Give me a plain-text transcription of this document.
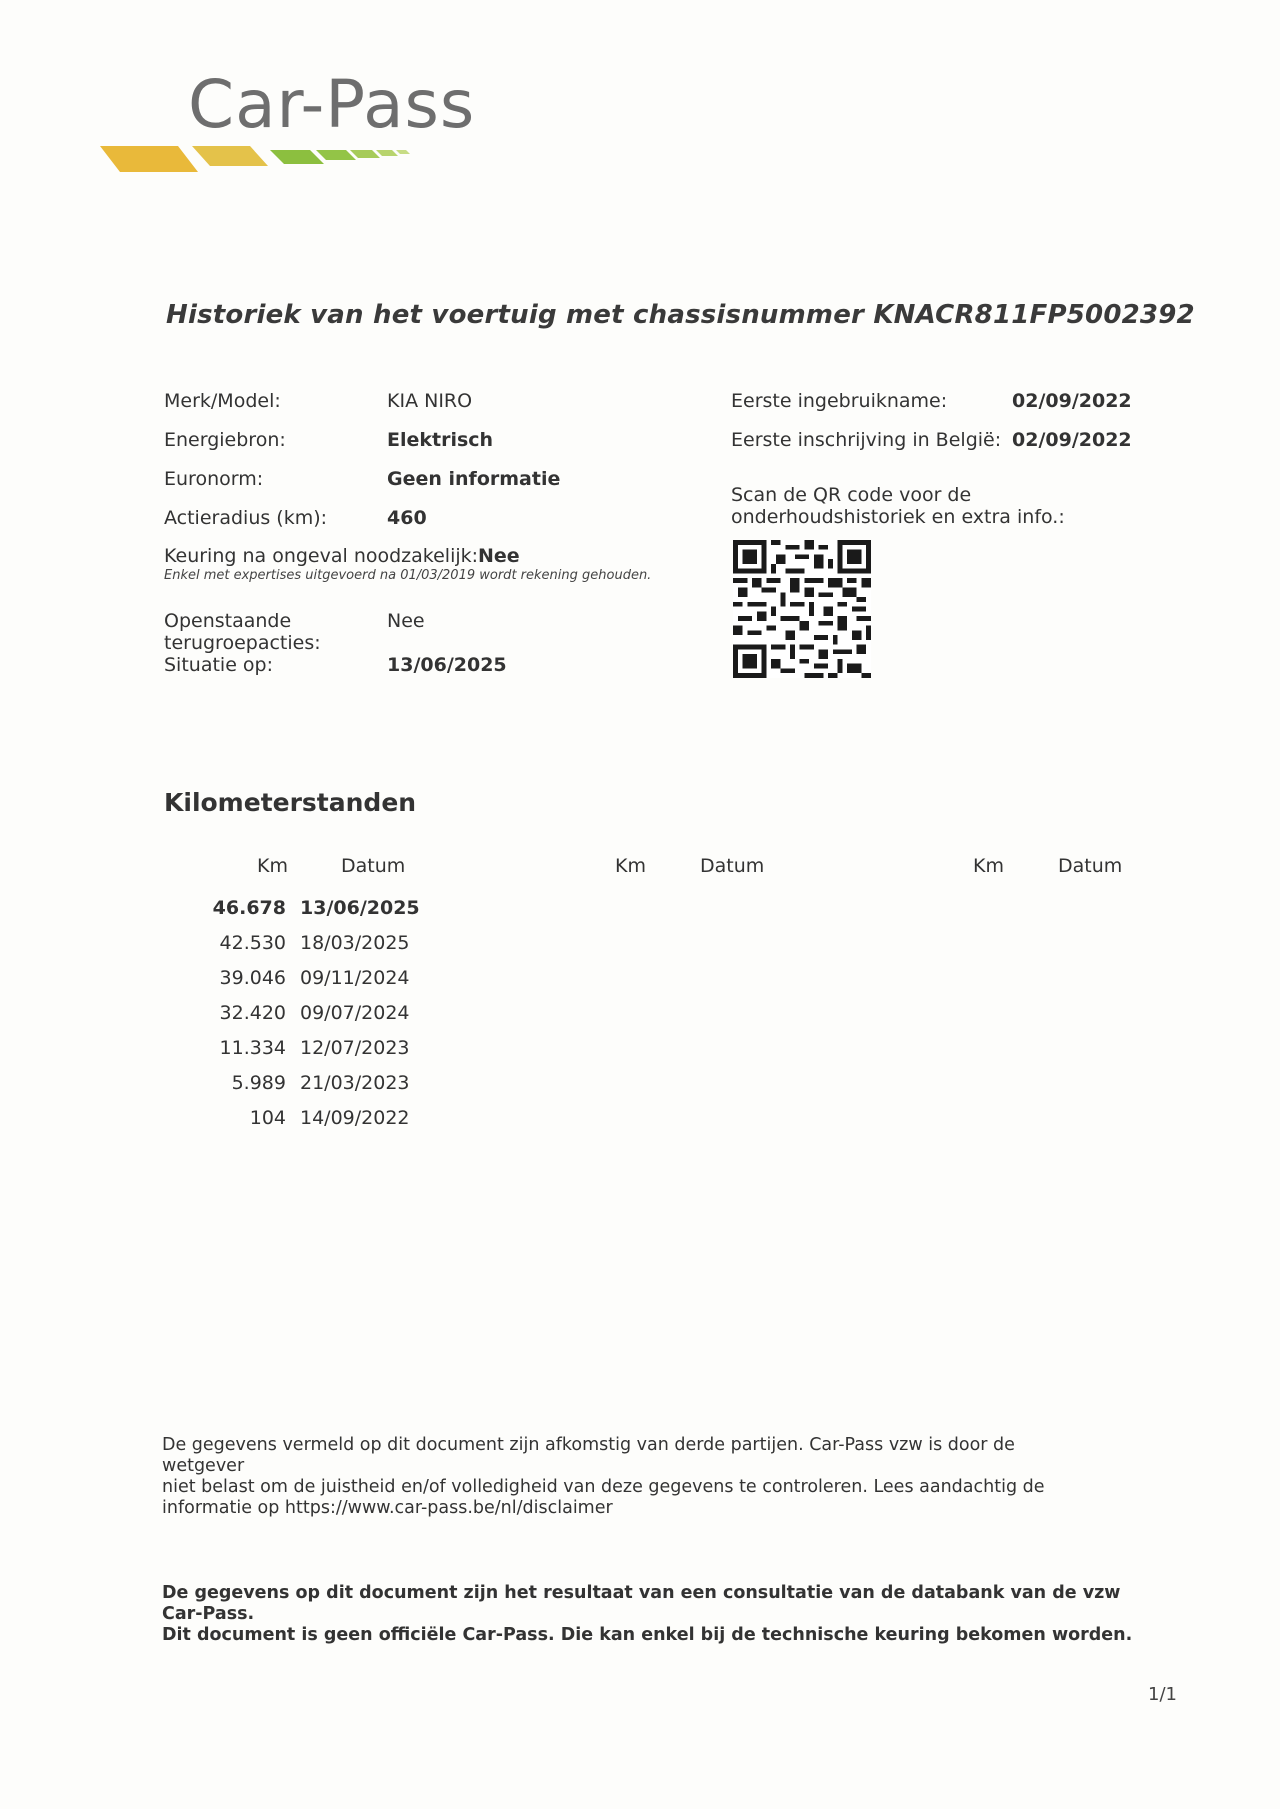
Car-Pass
Historiek van het voertuig met chassisnummer KNACR811FP5002392
Merk/Model:	KIA NIRO
Energiebron:	Elektrisch
Euronorm:	Geen informatie
Actieradius (km):	460
Keuring na ongeval noodzakelijk: Nee
Enkel met expertises uitgevoerd na 01/03/2019 wordt rekening gehouden.
Openstaande
terugroepacties:
Nee
Situatie op:	13/06/2025
Eerste ingebruikname:	02/09/2022
Eerste inschrijving in België: 02/09/2022
Scan de QR code voor de
onderhoudshistoriek en extra info.:
Kilometerstanden
Km	Datum	Km	Datum	Km	Datum
46.678 13/06/2025
42.530 18/03/2025
39.046 09/11/2024
32.420 09/07/2024
11.334 12/07/2023
5.989 21/03/2023
104 14/09/2022
De gegevens vermeld op dit document zijn afkomstig van derde partijen. Car-Pass vzw is door de wetgever
niet belast om de juistheid en/of volledigheid van deze gegevens te controleren. Lees aandachtig de
informatie op https://www.car-pass.be/nl/disclaimer
De gegevens op dit document zijn het resultaat van een consultatie van de databank van de vzw Car-Pass.
Dit document is geen officiële Car-Pass. Die kan enkel bij de technische keuring bekomen worden.
1/1
